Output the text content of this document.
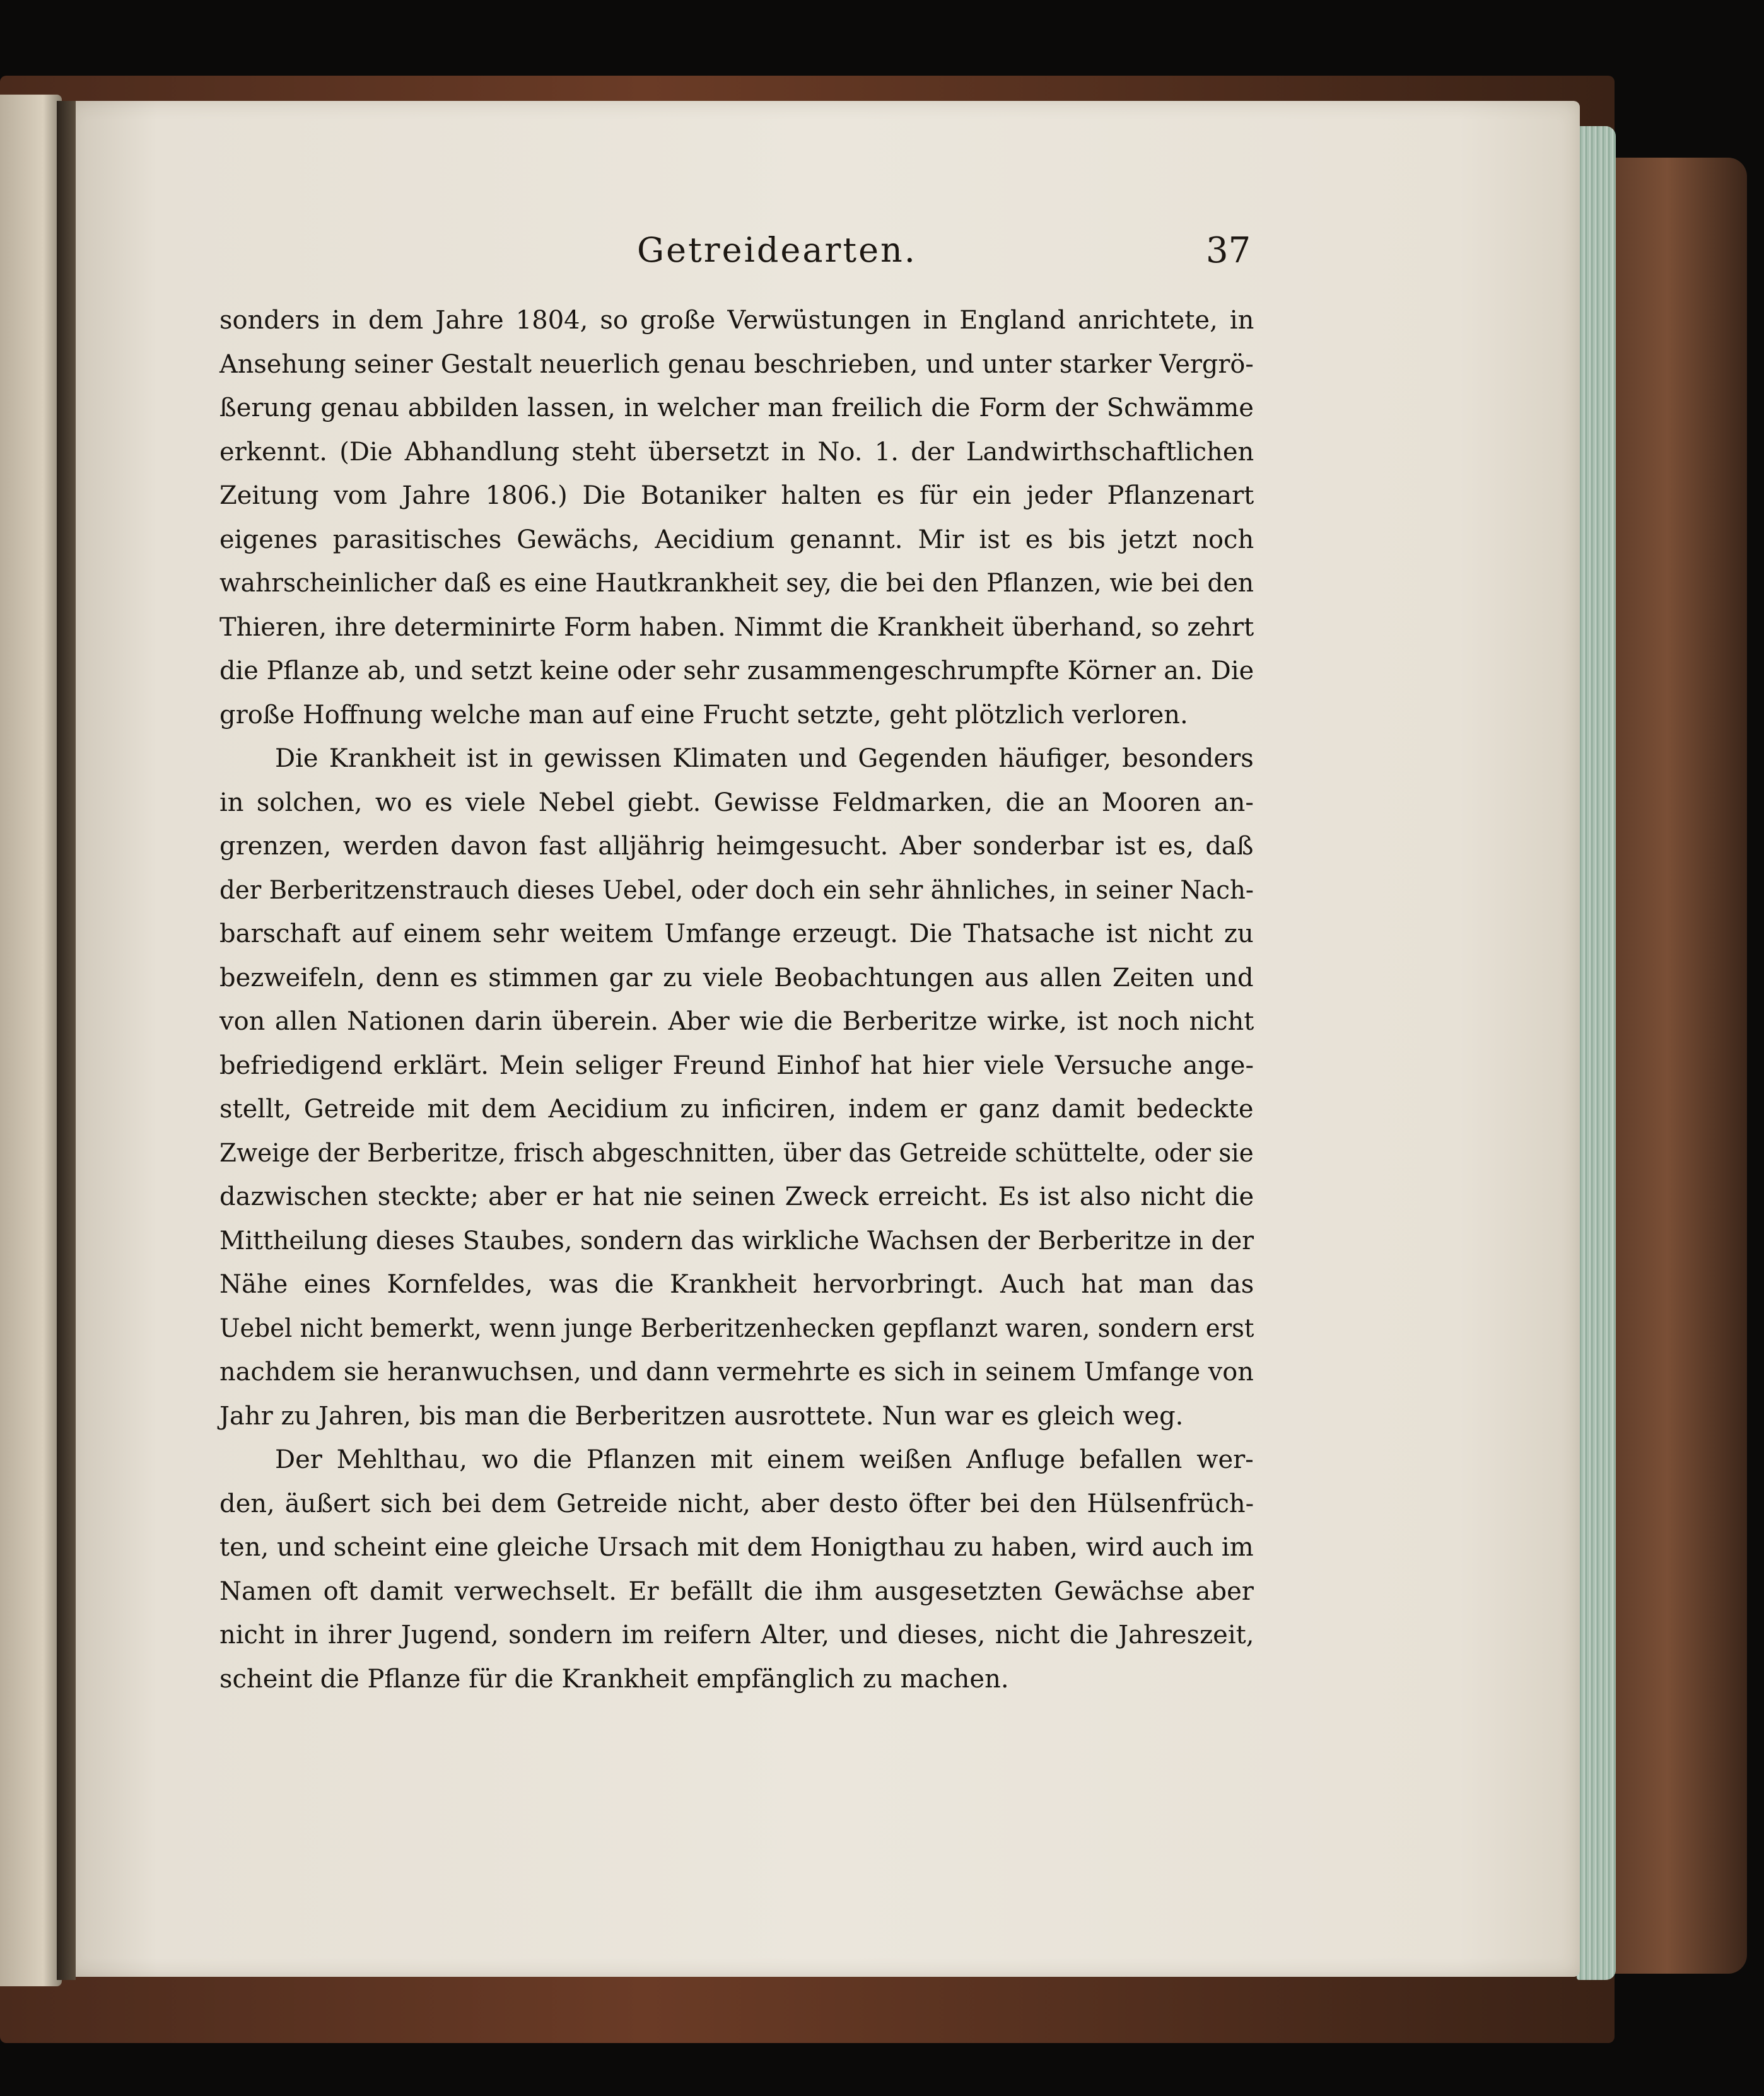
Getreidearten.	37
sonders in dem Jahre 1804, so große Verwüstungen in England anrichtete, in
Ansehung seiner Gestalt neuerlich genau beschrieben, und unter starker Vergrö-
ßerung genau abbilden lassen, in welcher man freilich die Form der Schwämme
erkennt. (Die Abhandlung steht übersetzt in No. 1. der Landwirthschaftlichen
Zeitung vom Jahre 1806.) Die Botaniker halten es für ein jeder Pflanzenart
eigenes parasitisches Gewächs, Aecidium genannt. Mir ist es bis jetzt noch
wahrscheinlicher daß es eine Hautkrankheit sey, die bei den Pflanzen, wie bei den
Thieren, ihre determinirte Form haben. Nimmt die Krankheit überhand, so zehrt
die Pflanze ab, und setzt keine oder sehr zusammengeschrumpfte Körner an. Die
große Hoffnung welche man auf eine Frucht setzte, geht plötzlich verloren.
Die Krankheit ist in gewissen Klimaten und Gegenden häufiger, besonders
in solchen, wo es viele Nebel giebt. Gewisse Feldmarken, die an Mooren an-
grenzen, werden davon fast alljährig heimgesucht. Aber sonderbar ist es, daß
der Berberitzenstrauch dieses Uebel, oder doch ein sehr ähnliches, in seiner Nach-
barschaft auf einem sehr weitem Umfange erzeugt. Die Thatsache ist nicht zu
bezweifeln, denn es stimmen gar zu viele Beobachtungen aus allen Zeiten und
von allen Nationen darin überein. Aber wie die Berberitze wirke, ist noch nicht
befriedigend erklärt. Mein seliger Freund Einhof hat hier viele Versuche ange-
stellt, Getreide mit dem Aecidium zu inficiren, indem er ganz damit bedeckte
Zweige der Berberitze, frisch abgeschnitten, über das Getreide schüttelte, oder sie
dazwischen steckte; aber er hat nie seinen Zweck erreicht. Es ist also nicht die
Mittheilung dieses Staubes, sondern das wirkliche Wachsen der Berberitze in der
Nähe eines Kornfeldes, was die Krankheit hervorbringt. Auch hat man das
Uebel nicht bemerkt, wenn junge Berberitzenhecken gepflanzt waren, sondern erst
nachdem sie heranwuchsen, und dann vermehrte es sich in seinem Umfange von
Jahr zu Jahren, bis man die Berberitzen ausrottete. Nun war es gleich weg.
Der Mehlthau, wo die Pflanzen mit einem weißen Anfluge befallen wer-
den, äußert sich bei dem Getreide nicht, aber desto öfter bei den Hülsenfrüch-
ten, und scheint eine gleiche Ursach mit dem Honigthau zu haben, wird auch im
Namen oft damit verwechselt. Er befällt die ihm ausgesetzten Gewächse aber
nicht in ihrer Jugend, sondern im reifern Alter, und dieses, nicht die Jahreszeit,
scheint die Pflanze für die Krankheit empfänglich zu machen.
